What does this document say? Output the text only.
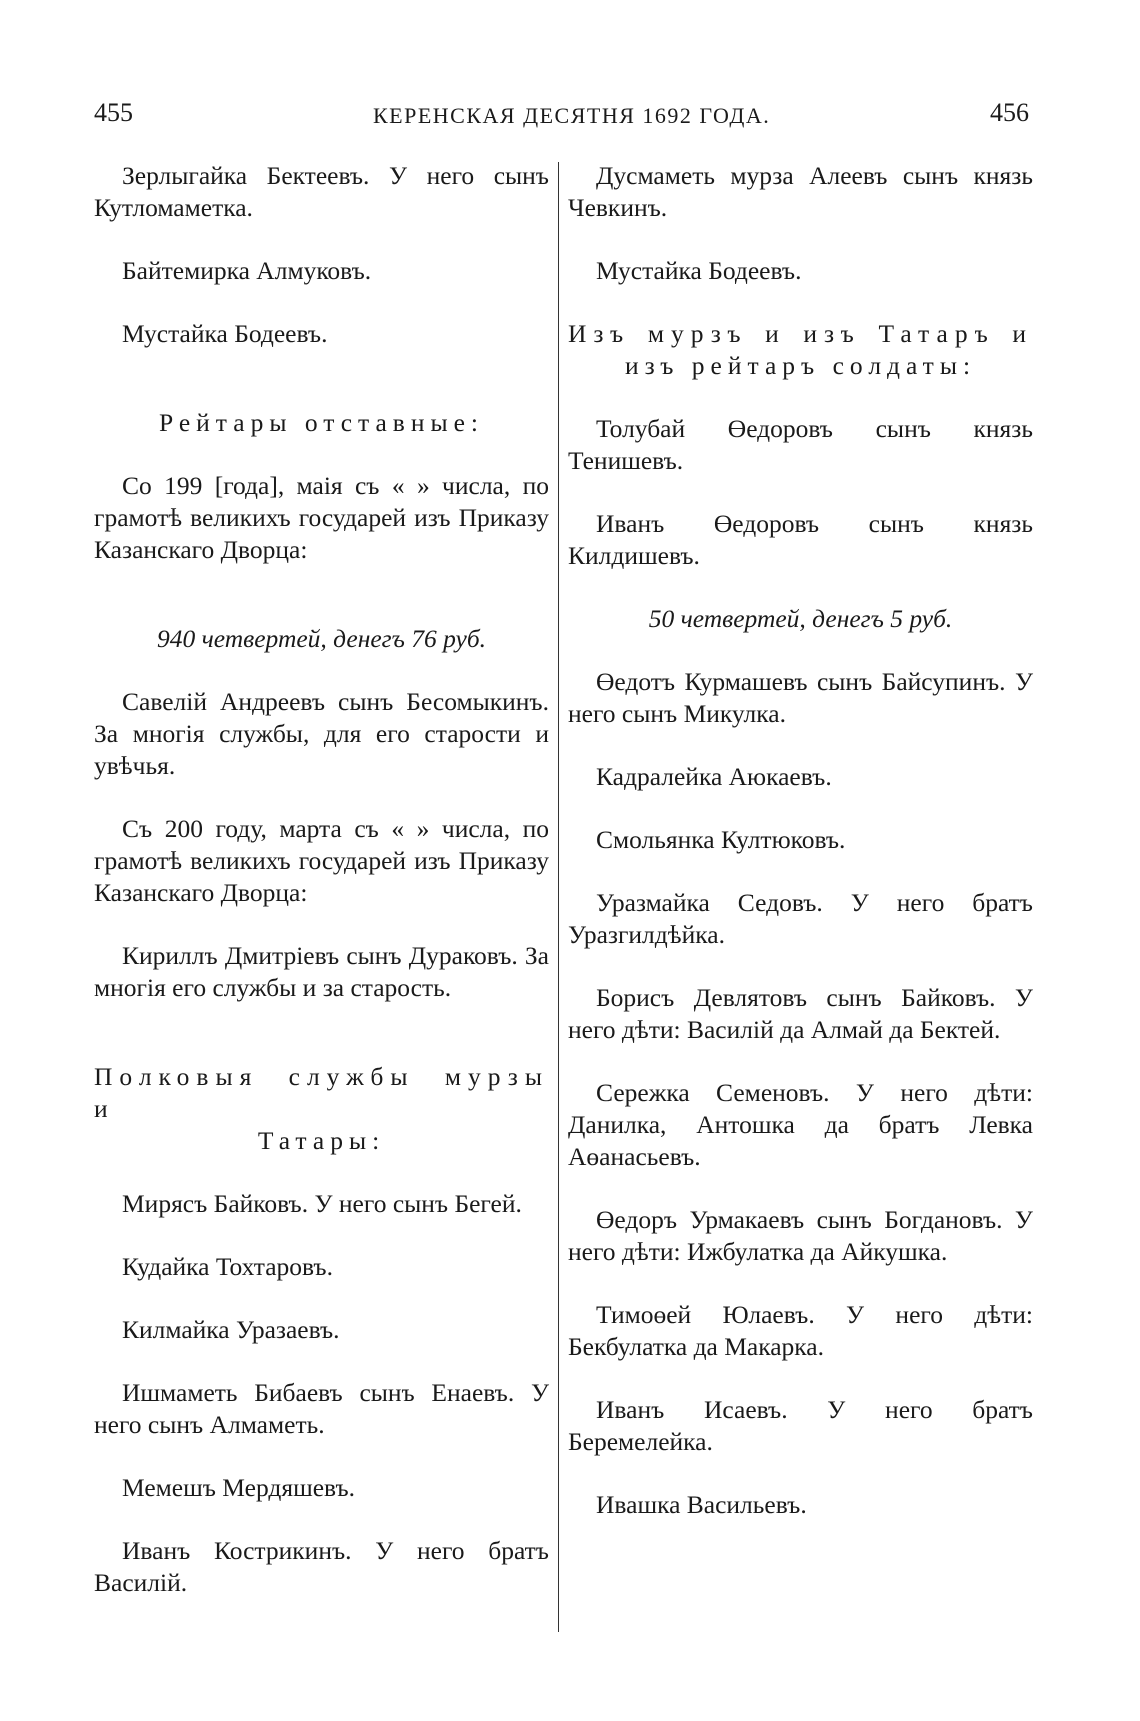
455	КЕРЕНСКАЯ ДЕСЯТНЯ 1692 ГОДА.	456

Зерлыгайка Бектеевъ. У него сынъ Кутломаметка.

Байтемирка Алмуковъ.

Мустайка Бодеевъ.

Рейтары отставные:

Со 199 [года], маія съ « » числа, по грамотѣ великихъ государей изъ Приказу Казанскаго Дворца:

940 четвертей, денегъ 76 руб.

Савелій Андреевъ сынъ Бесомыкинъ. За многія службы, для его старости и увѣчья.

Съ 200 году, марта съ « » числа, по грамотѣ великихъ государей изъ Приказу Казанскаго Дворца:

Кириллъ Дмитріевъ сынъ Дураковъ. За многія его службы и за старость.

Полковыя службы мурзы и
Татары:

Мирясъ Байковъ. У него сынъ Бегей.

Кудайка Тохтаровъ.

Килмайка Уразаевъ.

Ишмаметь Бибаевъ сынъ Енаевъ. У него сынъ Алмаметь.

Мемешъ Мердяшевъ.

Иванъ Кострикинъ. У него братъ Василій.

Дусмаметь мурза Алеевъ сынъ князь Чевкинъ.

Мустайка Бодеевъ.

Изъ мурзъ и изъ Татаръ и
изъ рейтаръ солдаты:

Толубай Өедоровъ сынъ князь Тенишевъ.

Иванъ Өедоровъ сынъ князь Килдишевъ.

50 четвертей, денегъ 5 руб.

Өедотъ Курмашевъ сынъ Байсупинъ. У него сынъ Микулка.

Кадралейка Аюкаевъ.

Смольянка Култюковъ.

Уразмайка Седовъ. У него братъ Уразгилдѣйка.

Борисъ Девлятовъ сынъ Байковъ. У него дѣти: Василій да Алмай да Бектей.

Сережка Семеновъ. У него дѣти: Данилка, Антошка да братъ Левка Аөанасьевъ.

Өедоръ Урмакаевъ сынъ Богдановъ. У него дѣти: Ижбулатка да Айкушка.

Тимоөей Юлаевъ. У него дѣти: Бекбулатка да Макарка.

Иванъ Исаевъ. У него братъ Беремелейка.

Ивашка Васильевъ.
